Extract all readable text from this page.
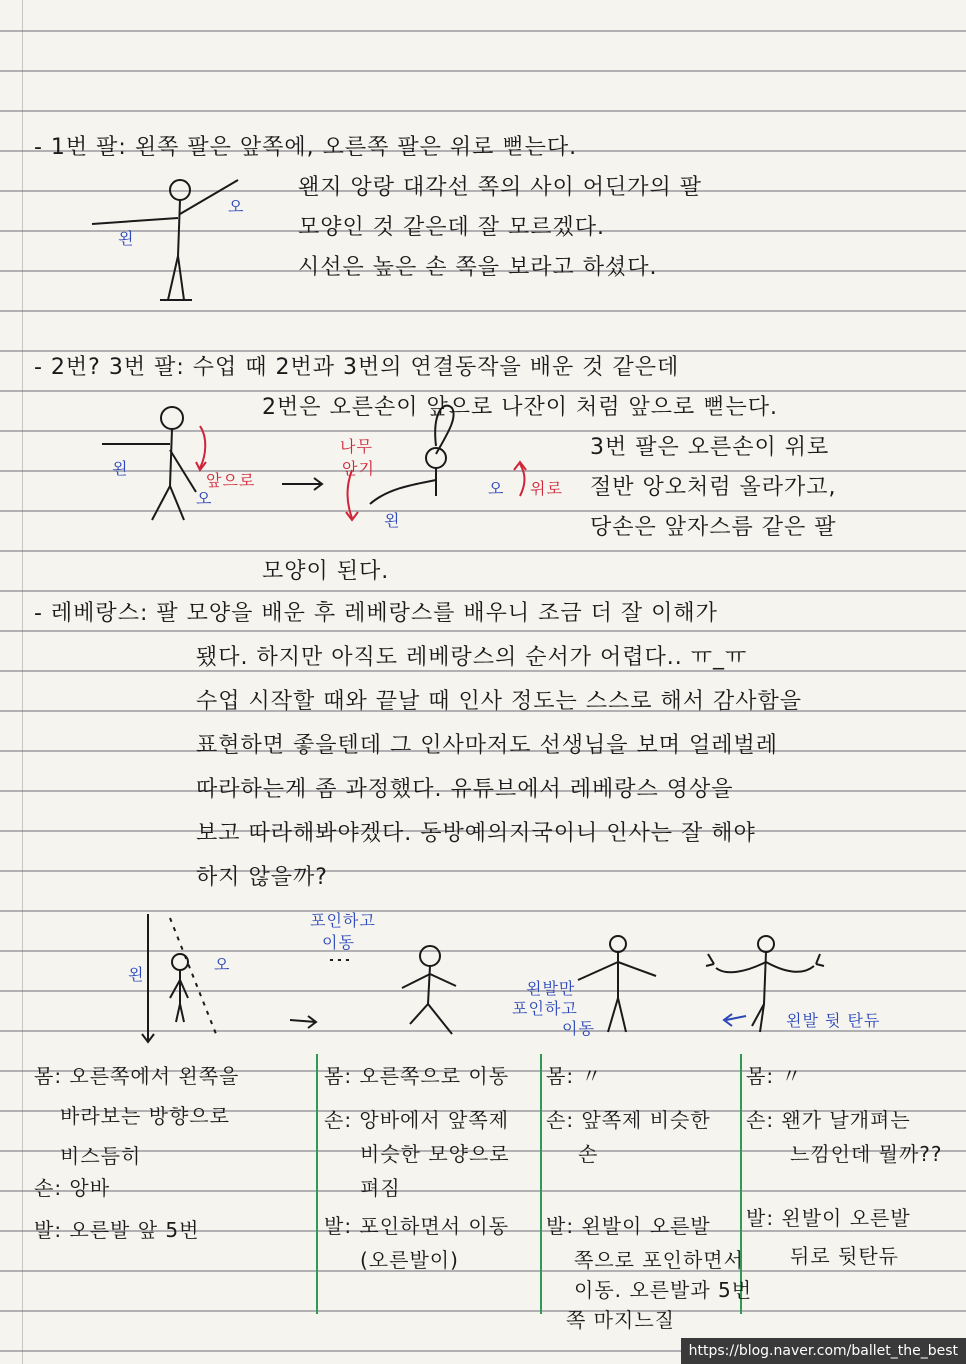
- 1번 팔: 왼쪽 팔은 앞쪽에, 오른쪽 팔은 위로 뻗는다.
왼
오
왠지 앙랑 대각선 쪽의 사이 어딘가의 팔
모양인 것 같은데 잘 모르겠다.
시선은 높은 손 쪽을 보라고 하셨다.
- 2번? 3번 팔: 수업 때 2번과 3번의 연결동작을 배운 것 같은데
2번은 오른손이 앞으로 나잔이 처럼 앞으로 뻗는다.
3번 팔은 오른손이 위로
절반 앙오처럼 올라가고,
당손은 앞자스름 같은 팔
모양이 된다.
왼
앞으로
오
나무
안기
왼
오 위로
- 레베랑스: 팔 모양을 배운 후 레베랑스를 배우니 조금 더 잘 이해가
됐다. 하지만 아직도 레베랑스의 순서가 어렵다.. ㅠ_ㅠ
수업 시작할 때와 끝날 때 인사 정도는 스스로 해서 감사함을
표현하면 좋을텐데 그 인사마저도 선생님을 보며 얼레벌레
따라하는게 좀 과정했다. 유튜브에서 레베랑스 영상을
보고 따라해봐야겠다. 동방예의지국이니 인사는 잘 해야
하지 않을까?
왼
오
포인하고
이동
왼발만
포인하고
이동	왼발 뒷 탄듀
몸: 오른쪽에서 왼쪽을
바라보는 방향으로
비스듬히
손: 앙바
발: 오른발 앞 5번
몸: 오른쪽으로 이동
손: 앙바에서 앞쪽제
비슷한 모양으로
펴짐
발: 포인하면서 이동
(오른발이)
몸: 〃
손: 앞쪽제 비슷한
손
발: 왼발이 오른발
쪽으로 포인하면서
이동. 오른발과 5번
쪽 마지느질
몸: 〃
손: 왠가 날개펴는
느낌인데 뭘까??
발: 왼발이 오른발
뒤로 뒷탄듀
https://blog.naver.com/ballet_the_best
